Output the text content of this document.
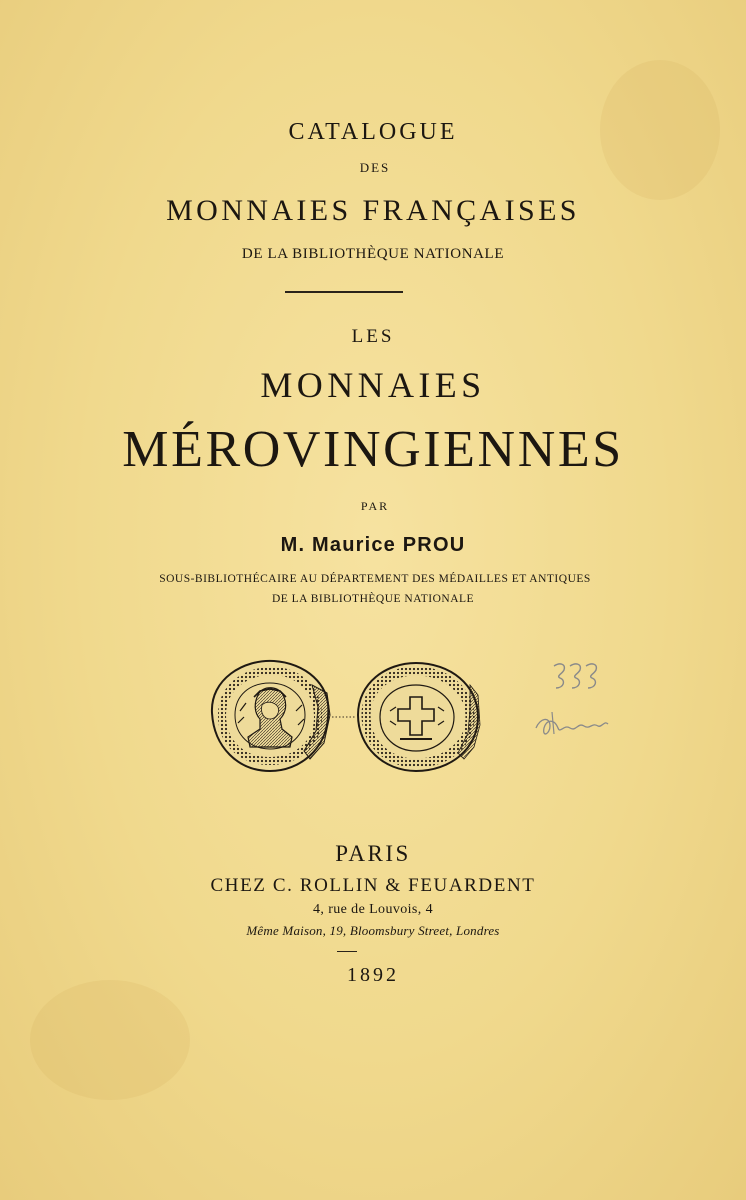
CATALOGUE
DES
MONNAIES FRANÇAISES
DE LA BIBLIOTHÈQUE NATIONALE
LES
MONNAIES
MÉROVINGIENNES
PAR
M. Maurice PROU
SOUS-BIBLIOTHÉCAIRE AU DÉPARTEMENT DES MÉDAILLES ET ANTIQUES
DE LA BIBLIOTHÈQUE NATIONALE
PARIS
CHEZ C. ROLLIN & FEUARDENT
4, rue de Louvois, 4
Même Maison, 19, Bloomsbury Street, Londres
1892
